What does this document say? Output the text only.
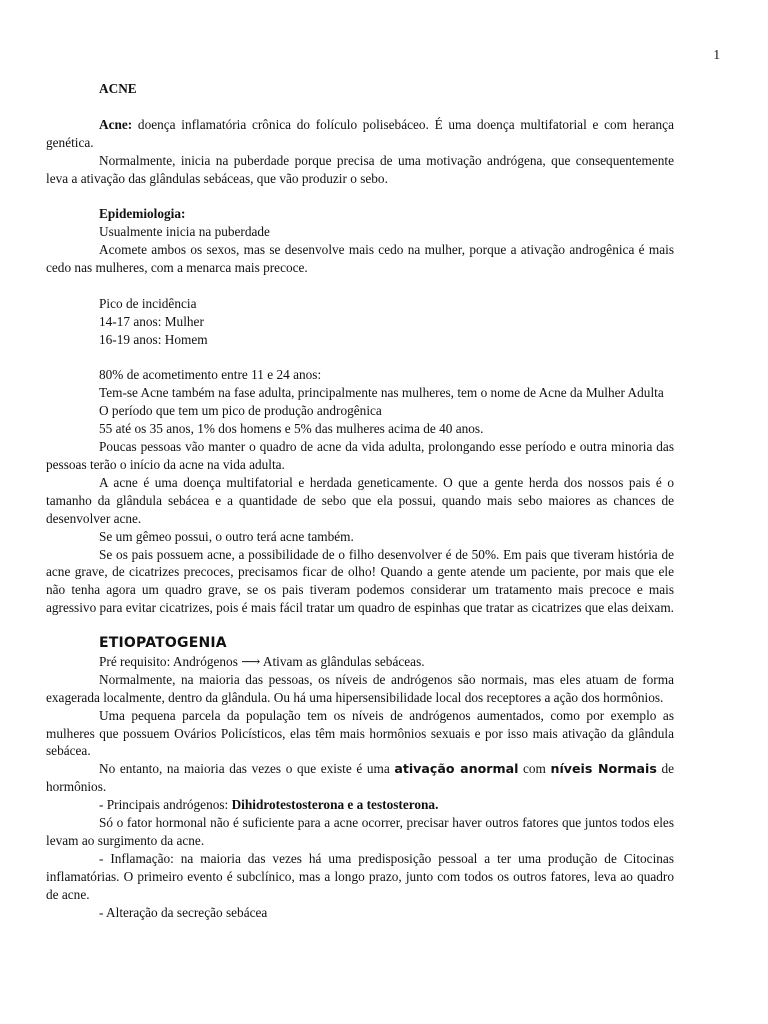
1

ACNE

Acne: doença inflamatória crônica do folículo polisebáceo. É uma doença multifatorial e com herança genética.

Normalmente, inicia na puberdade porque precisa de uma motivação andrógena, que consequentemente leva a ativação das glândulas sebáceas, que vão produzir o sebo.

Epidemiologia:

Usualmente inicia na puberdade

Acomete ambos os sexos, mas se desenvolve mais cedo na mulher, porque a ativação androgênica é mais cedo nas mulheres, com a menarca mais precoce.

Pico de incidência

14-17 anos: Mulher

16-19 anos: Homem

80% de acometimento entre 11 e 24 anos:

Tem-se Acne também na fase adulta, principalmente nas mulheres, tem o nome de Acne da Mulher Adulta

O período que tem um pico de produção androgênica

55 até os 35 anos, 1% dos homens e 5% das mulheres acima de 40 anos.

Poucas pessoas vão manter o quadro de acne da vida adulta, prolongando esse período e outra minoria das pessoas terão o início da acne na vida adulta.

A acne é uma doença multifatorial e herdada geneticamente. O que a gente herda dos nossos pais é o tamanho da glândula sebácea e a quantidade de sebo que ela possui, quando mais sebo maiores as chances de desenvolver acne.

Se um gêmeo possui, o outro terá acne também.

Se os pais possuem acne, a possibilidade de o filho desenvolver é de 50%. Em pais que tiveram história de acne grave, de cicatrizes precoces, precisamos ficar de olho! Quando a gente atende um paciente, por mais que ele não tenha agora um quadro grave, se os pais tiveram podemos considerar um tratamento mais precoce e mais agressivo para evitar cicatrizes, pois é mais fácil tratar um quadro de espinhas que tratar as cicatrizes que elas deixam.

ETIOPATOGENIA

Pré requisito: Andrógenos ⟶ Ativam as glândulas sebáceas.

Normalmente, na maioria das pessoas, os níveis de andrógenos são normais, mas eles atuam de forma exagerada localmente, dentro da glândula. Ou há uma hipersensibilidade local dos receptores a ação dos hormônios.

Uma pequena parcela da população tem os níveis de andrógenos aumentados, como por exemplo as mulheres que possuem Ovários Policísticos, elas têm mais hormônios sexuais e por isso mais ativação da glândula sebácea.

No entanto, na maioria das vezes o que existe é uma ativação anormal com níveis Normais de hormônios.

- Principais andrógenos: Dihidrotestosterona e a testosterona.

Só o fator hormonal não é suficiente para a acne ocorrer, precisar haver outros fatores que juntos todos eles levam ao surgimento da acne.

- Inflamação: na maioria das vezes há uma predisposição pessoal a ter uma produção de Citocinas inflamatórias. O primeiro evento é subclínico, mas a longo prazo, junto com todos os outros fatores, leva ao quadro de acne.

- Alteração da secreção sebácea
